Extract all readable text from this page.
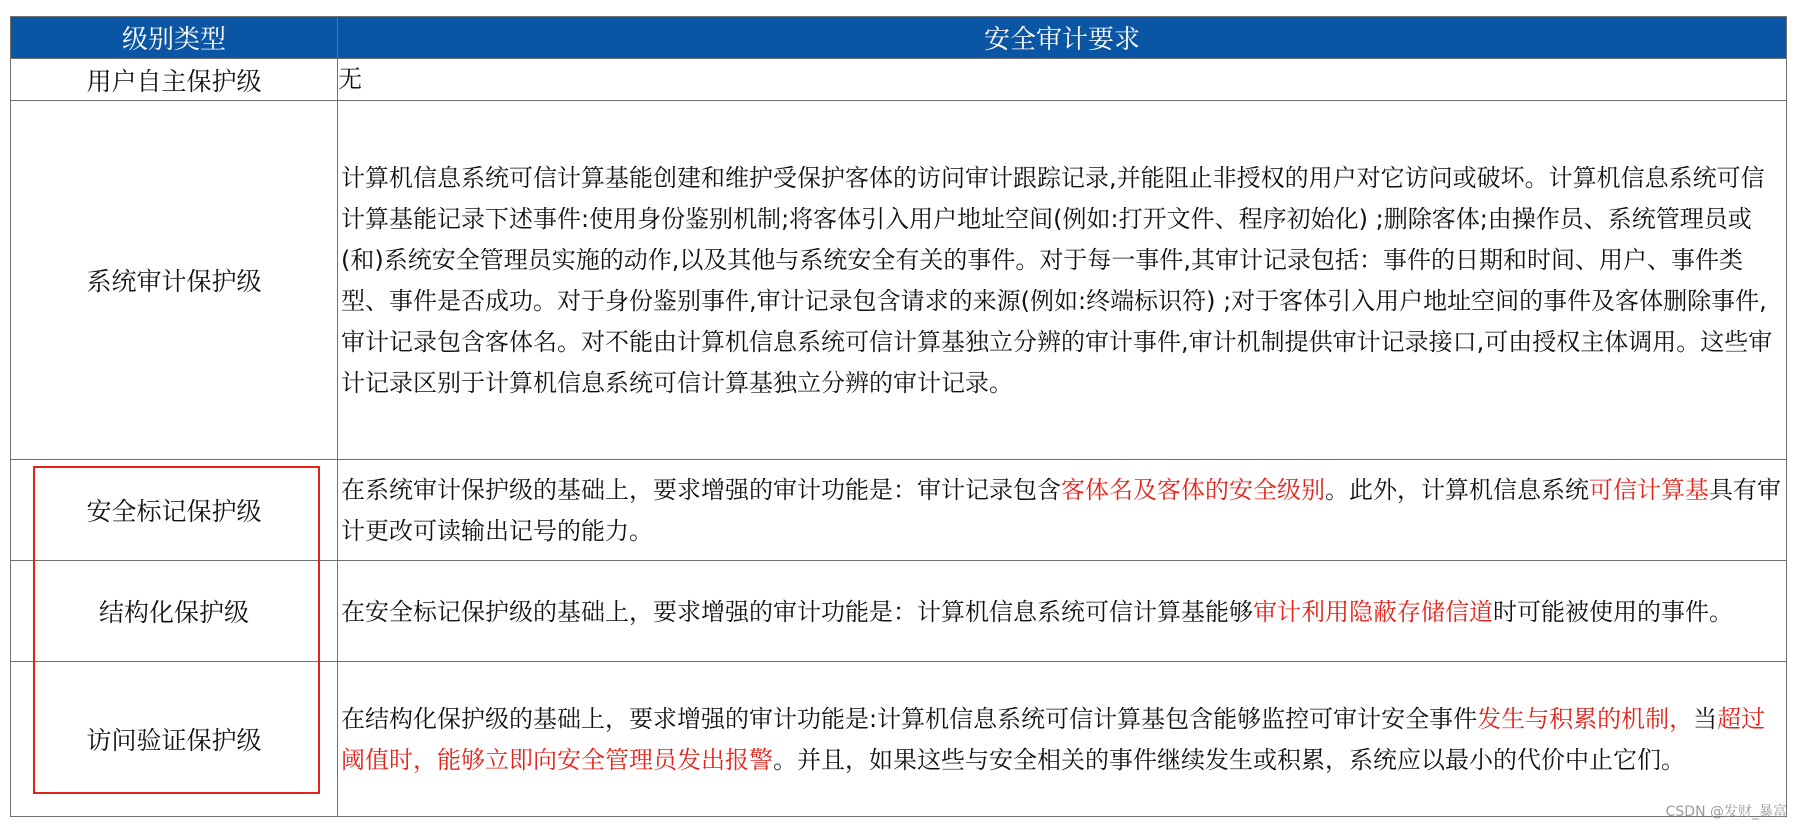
级别类型	安全审计要求
用户自主保护级	无
系统审计保护级	计算机信息系统可信计算基能创建和维护受保护客体的访问审计跟踪记录,并能阻止非授权的用户对它访问或破坏。计算机信息系统可信计算基能记录下述事件:使用身份鉴别机制;将客体引入用户地址空间(例如:打开文件、程序初始化) ;删除客体;由操作员、系统管理员或(和)系统安全管理员实施的动作,以及其他与系统安全有关的事件。对于每一事件,其审计记录包括：事件的日期和时间、用户、事件类型、事件是否成功。对于身份鉴别事件,审计记录包含请求的来源(例如:终端标识符) ;对于客体引入用户地址空间的事件及客体删除事件,审计记录包含客体名。对不能由计算机信息系统可信计算基独立分辨的审计事件,审计机制提供审计记录接口,可由授权主体调用。这些审计记录区别于计算机信息系统可信计算基独立分辨的审计记录。
安全标记保护级	在系统审计保护级的基础上，要求增强的审计功能是：审计记录包含客体名及客体的安全级别。此外，计算机信息系统可信计算基具有审计更改可读输出记号的能力。
结构化保护级	在安全标记保护级的基础上，要求增强的审计功能是：计算机信息系统可信计算基能够审计利用隐蔽存储信道时可能被使用的事件。
访问验证保护级	在结构化保护级的基础上，要求增强的审计功能是:计算机信息系统可信计算基包含能够监控可审计安全事件发生与积累的机制，当超过阈值时，能够立即向安全管理员发出报警。并且，如果这些与安全相关的事件继续发生或积累，系统应以最小的代价中止它们。
CSDN @发财_暴富
